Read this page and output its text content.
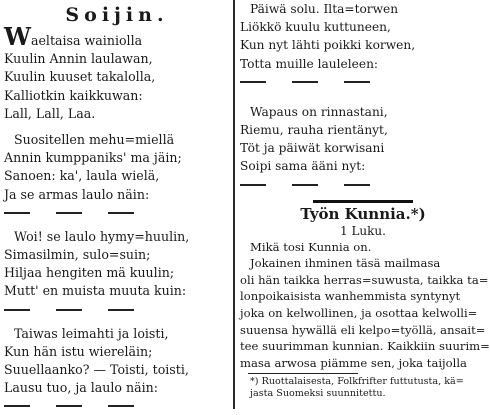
Soijin.
Waeltaisa wainiolla
Kuulin Annin laulawan,
Kuulin kuuset takalolla,
Kalliotkin kaikkuwan:
Lall, Lall, Laa.
Suositellen mehu=miellä
Annin kumppaniks' ma jäin;
Sanoen: ka', laula wielä,
Ja se armas laulo näin:
Woi! se laulo hymy=huulin,
Simasilmin, sulo=suin;
Hiljaa hengiten mä kuulin;
Mutt' en muista muuta kuin:
Taiwas leimahti ja loisti,
Kun hän istu wiereläin;
Suuellaanko? — Toisti, toisti,
Lausu tuo, ja laulo näin:
Päiwä solu. Ilta=torwen
Liökkö kuulu kuttuneen,
Kun nyt lähti poikki korwen,
Totta muille lauleleen:
Wapaus on rinnastani,
Riemu, rauha rientänyt,
Töt ja päiwät korwisani
Soipi sama ääni nyt:
Työn Kunnia.*)
1 Luku.
Mikä tosi Kunnia on.
Jokainen ihminen täsä mailmasa
oli hän taikka herras=suwusta, taikka ta=
lonpoikaisista wanhemmista syntynyt
joka on kelwollinen, ja osottaa kelwolli=
suuensa hywällä eli kelpo=työllä, ansait=
tee suurimman kunnian. Kaikkiin suurim=
masa arwosa piämme sen, joka taijolla
*) Ruottalaisesta, Folkfrifter futtutusta, kä=
jasta Suomeksi suunnitettu.
